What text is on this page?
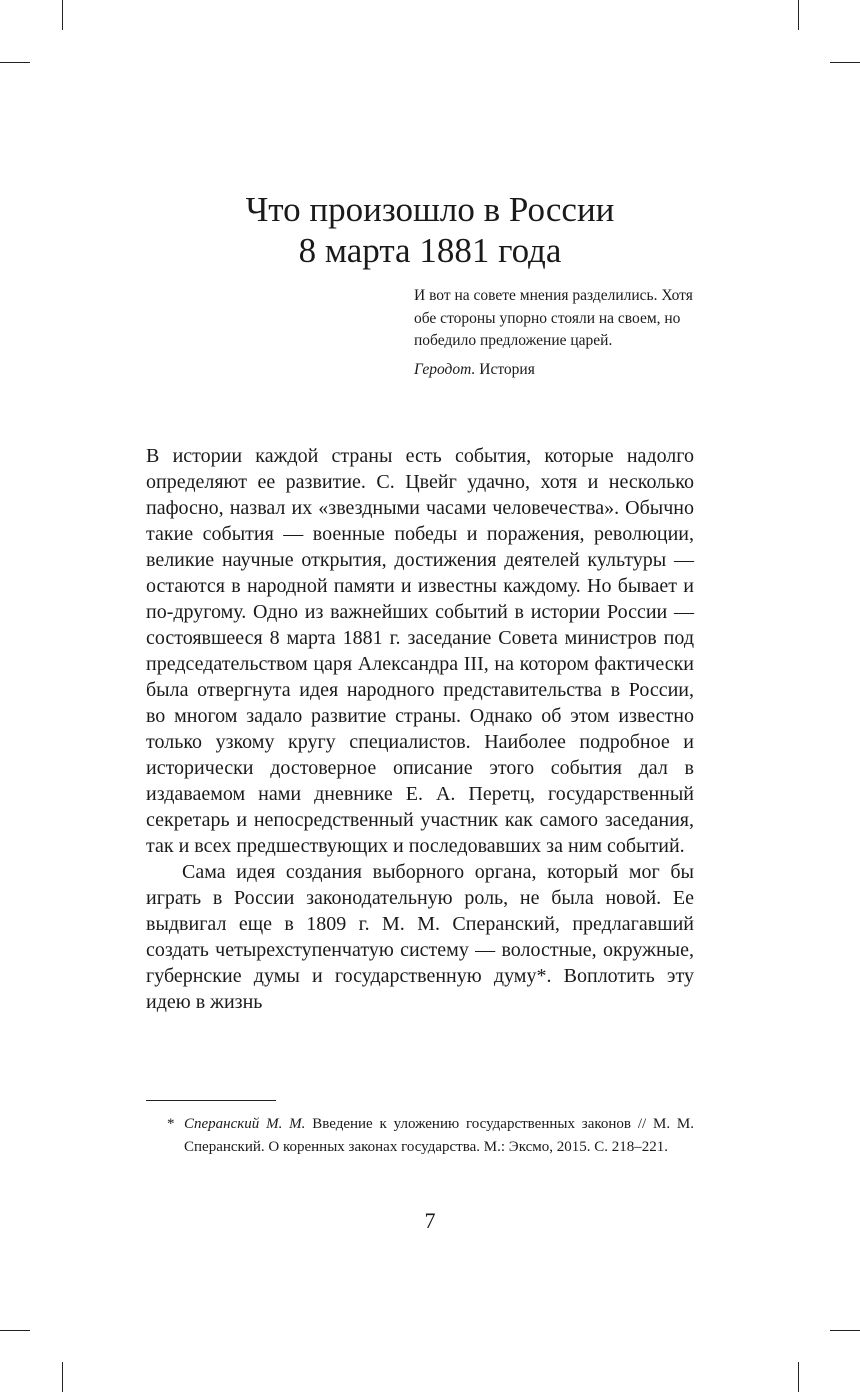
Что произошло в России
8 марта 1881 года
И вот на совете мнения разделились. Хотя обе стороны упорно стояли на своем, но победило предложение царей.
Геродот. История

В истории каждой страны есть события, которые надолго определяют ее развитие. С. Цвейг удачно, хотя и несколько пафосно, назвал их «звездными часами человечества». Обычно такие события — военные победы и поражения, революции, великие научные открытия, достижения деятелей культуры — остаются в народной памяти и известны каждому. Но бывает и по-другому. Одно из важнейших событий в истории России — состоявшееся 8 марта 1881 г. заседание Совета министров под председательством царя Александра III, на котором фактически была отвергнута идея народного представительства в России, во многом задало развитие страны. Однако об этом известно только узкому кругу специалистов. Наиболее подробное и исторически достоверное описание этого события дал в издаваемом нами дневнике Е. А. Перетц, государственный секретарь и непосредственный участник как самого заседания, так и всех предшествующих и последовавших за ним событий.

Сама идея создания выборного органа, который мог бы играть в России законодательную роль, не была новой. Ее выдвигал еще в 1809 г. М. М. Сперанский, предлагавший создать четырехступенчатую систему — волостные, окружные, губернские думы и государственную думу*. Воплотить эту идею в жизнь

* Сперанский М. М. Введение к уложению государственных законов // М. М. Сперанский. О коренных законах государства. М.: Эксмо, 2015. С. 218–221.
7
